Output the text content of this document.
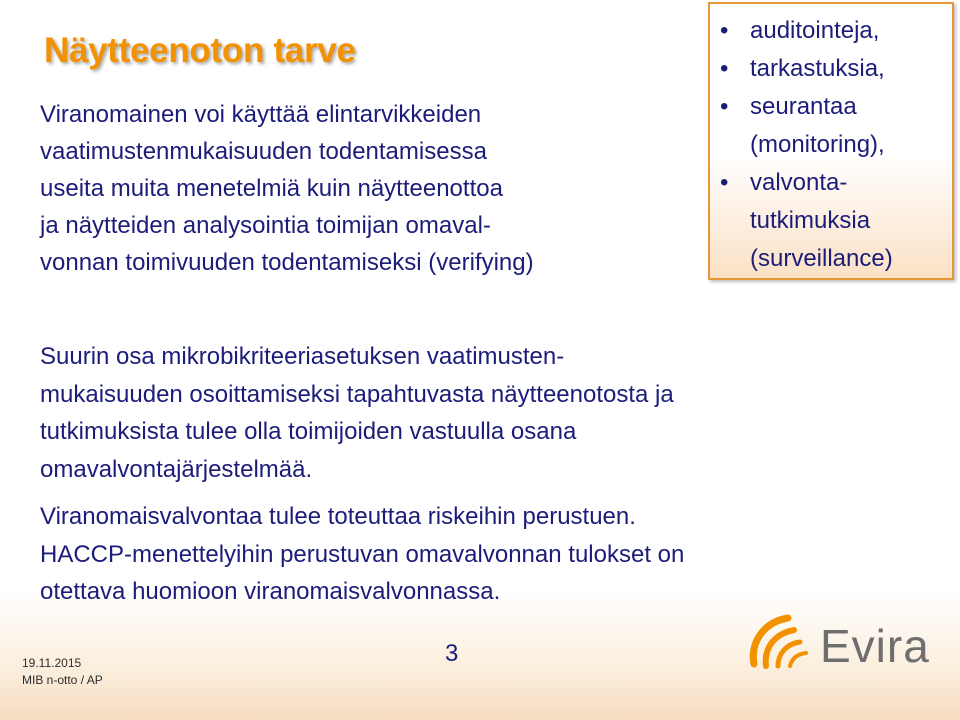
Näytteenoton tarve

Viranomainen voi käyttää elintarvikkeiden
vaatimustenmukaisuuden todentamisessa
useita muita menetelmiä kuin näytteenottoa
ja näytteiden analysointia toimijan omaval-
vonnan toimivuuden todentamiseksi (verifying)

• auditointeja,
• tarkastuksia,
• seurantaa
(monitoring),
• valvonta-
tutkimuksia
(surveillance)

Suurin osa mikrobikriteeriasetuksen vaatimusten-
mukaisuuden osoittamiseksi tapahtuvasta näytteenotosta ja
tutkimuksista tulee olla toimijoiden vastuulla osana
omavalvontajärjestelmää.

Viranomaisvalvontaa tulee toteuttaa riskeihin perustuen.
HACCP-menettelyihin perustuvan omavalvonnan tulokset on
otettava huomioon viranomaisvalvonnassa.

19.11.2015
MIB n-otto / AP
3	Evira
